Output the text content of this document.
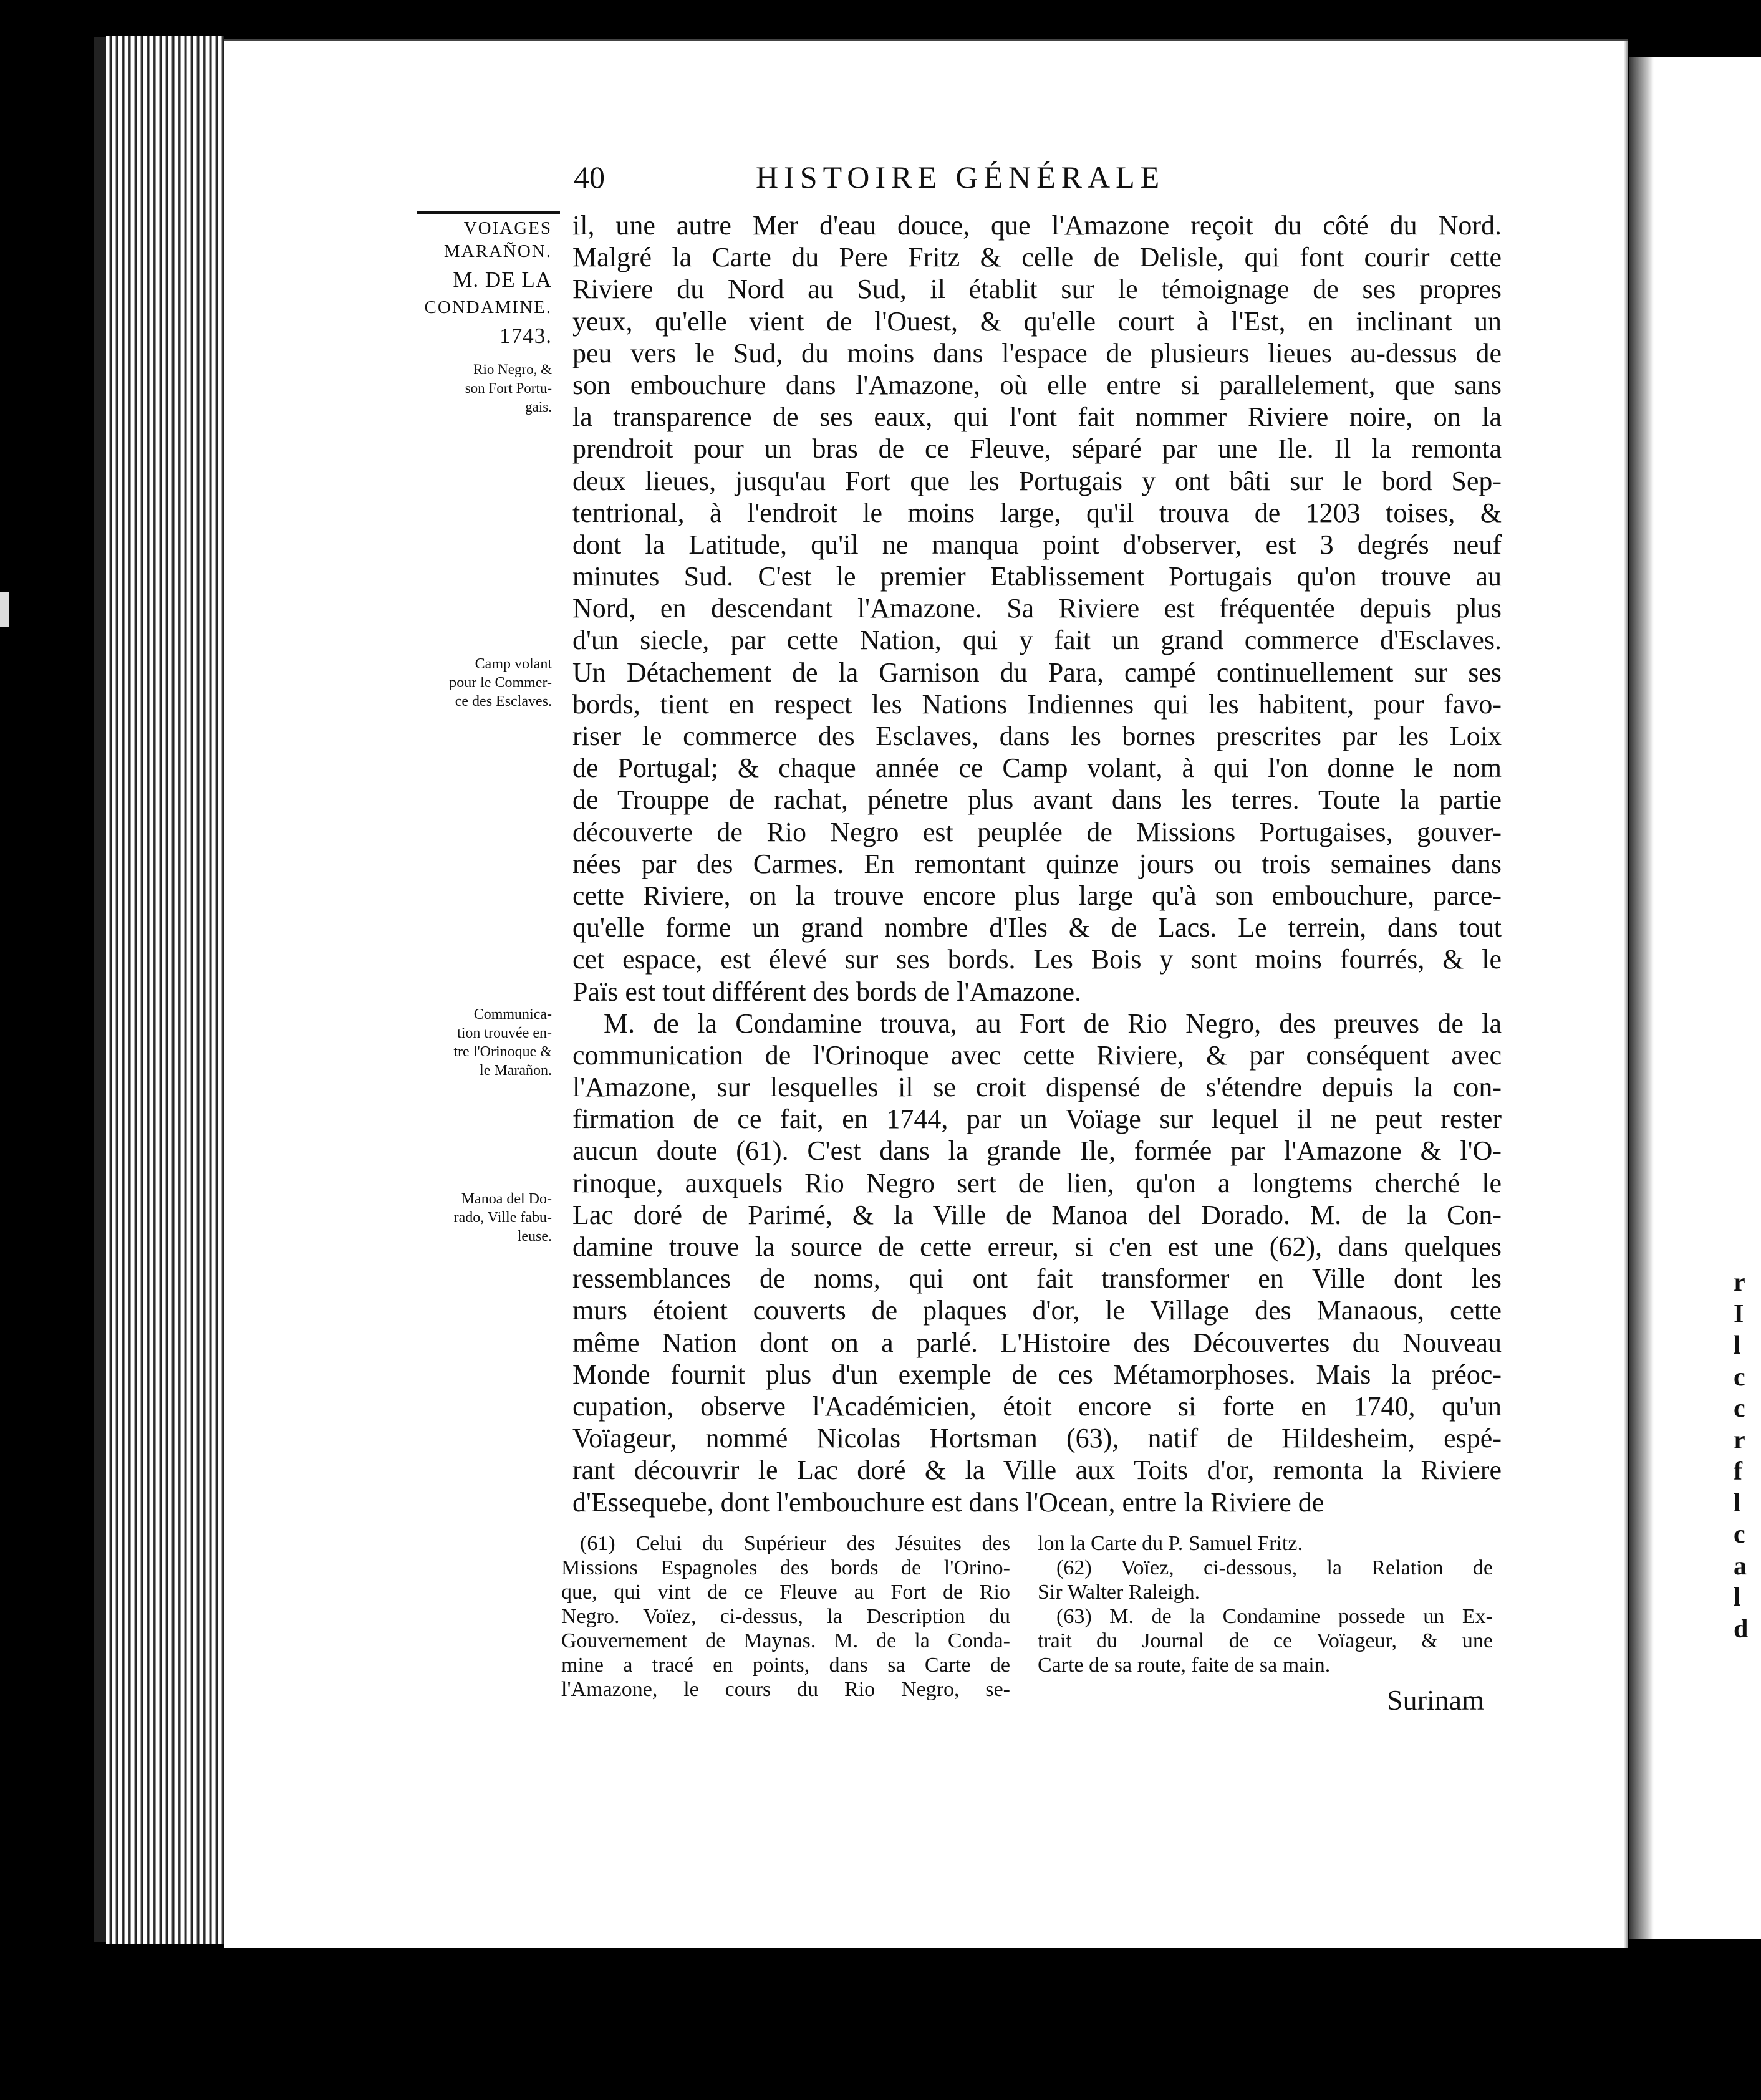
r
I
l
c
c
r
f
l
c
a
l
d
40	HISTOIRE GÉNÉRALE
VOIAGES
MARAÑON.
M. DE LA
CONDAMINE.
1743.
Rio Negro, &
son Fort Portu-
gais.
Camp volant
pour le Commer-
ce des Esclaves.
Communica-
tion trouvée en-
tre l'Orinoque &
le Marañon.
Manoa del Do-
rado, Ville fabu-
leuse.
il, une autre Mer d'eau douce, que l'Amazone reçoit du côté du Nord.
Malgré la Carte du Pere Fritz & celle de Delisle, qui font courir cette
Riviere du Nord au Sud, il établit sur le témoignage de ses propres
yeux, qu'elle vient de l'Ouest, & qu'elle court à l'Est, en inclinant un
peu vers le Sud, du moins dans l'espace de plusieurs lieues au-dessus de
son embouchure dans l'Amazone, où elle entre si parallelement, que sans
la transparence de ses eaux, qui l'ont fait nommer Riviere noire, on la
prendroit pour un bras de ce Fleuve, séparé par une Ile. Il la remonta
deux lieues, jusqu'au Fort que les Portugais y ont bâti sur le bord Sep-
tentrional, à l'endroit le moins large, qu'il trouva de 1203 toises, &
dont la Latitude, qu'il ne manqua point d'observer, est 3 degrés neuf
minutes Sud. C'est le premier Etablissement Portugais qu'on trouve au
Nord, en descendant l'Amazone. Sa Riviere est fréquentée depuis plus
d'un siecle, par cette Nation, qui y fait un grand commerce d'Esclaves.
Un Détachement de la Garnison du Para, campé continuellement sur ses
bords, tient en respect les Nations Indiennes qui les habitent, pour favo-
riser le commerce des Esclaves, dans les bornes prescrites par les Loix
de Portugal; & chaque année ce Camp volant, à qui l'on donne le nom
de Trouppe de rachat, pénetre plus avant dans les terres. Toute la partie
découverte de Rio Negro est peuplée de Missions Portugaises, gouver-
nées par des Carmes. En remontant quinze jours ou trois semaines dans
cette Riviere, on la trouve encore plus large qu'à son embouchure, parce-
qu'elle forme un grand nombre d'Iles & de Lacs. Le terrein, dans tout
cet espace, est élevé sur ses bords. Les Bois y sont moins fourrés, & le
Païs est tout différent des bords de l'Amazone.
M. de la Condamine trouva, au Fort de Rio Negro, des preuves de la
communication de l'Orinoque avec cette Riviere, & par conséquent avec
l'Amazone, sur lesquelles il se croit dispensé de s'étendre depuis la con-
firmation de ce fait, en 1744, par un Voïage sur lequel il ne peut rester
aucun doute (61). C'est dans la grande Ile, formée par l'Amazone & l'O-
rinoque, auxquels Rio Negro sert de lien, qu'on a longtems cherché le
Lac doré de Parimé, & la Ville de Manoa del Dorado. M. de la Con-
damine trouve la source de cette erreur, si c'en est une (62), dans quelques
ressemblances de noms, qui ont fait transformer en Ville dont les
murs étoient couverts de plaques d'or, le Village des Manaous, cette
même Nation dont on a parlé. L'Histoire des Découvertes du Nouveau
Monde fournit plus d'un exemple de ces Métamorphoses. Mais la préoc-
cupation, observe l'Académicien, étoit encore si forte en 1740, qu'un
Voïageur, nommé Nicolas Hortsman (63), natif de Hildesheim, espé-
rant découvrir le Lac doré & la Ville aux Toits d'or, remonta la Riviere
d'Essequebe, dont l'embouchure est dans l'Ocean, entre la Riviere de
(61) Celui du Supérieur des Jésuites des
Missions Espagnoles des bords de l'Orino-
que, qui vint de ce Fleuve au Fort de Rio
Negro. Voïez, ci-dessus, la Description du
Gouvernement de Maynas. M. de la Conda-
mine a tracé en points, dans sa Carte de
l'Amazone, le cours du Rio Negro, se-
lon la Carte du P. Samuel Fritz.
(62) Voïez, ci-dessous, la Relation de
Sir Walter Raleigh.
(63) M. de la Condamine possede un Ex-
trait du Journal de ce Voïageur, & une
Carte de sa route, faite de sa main.
Surinam
